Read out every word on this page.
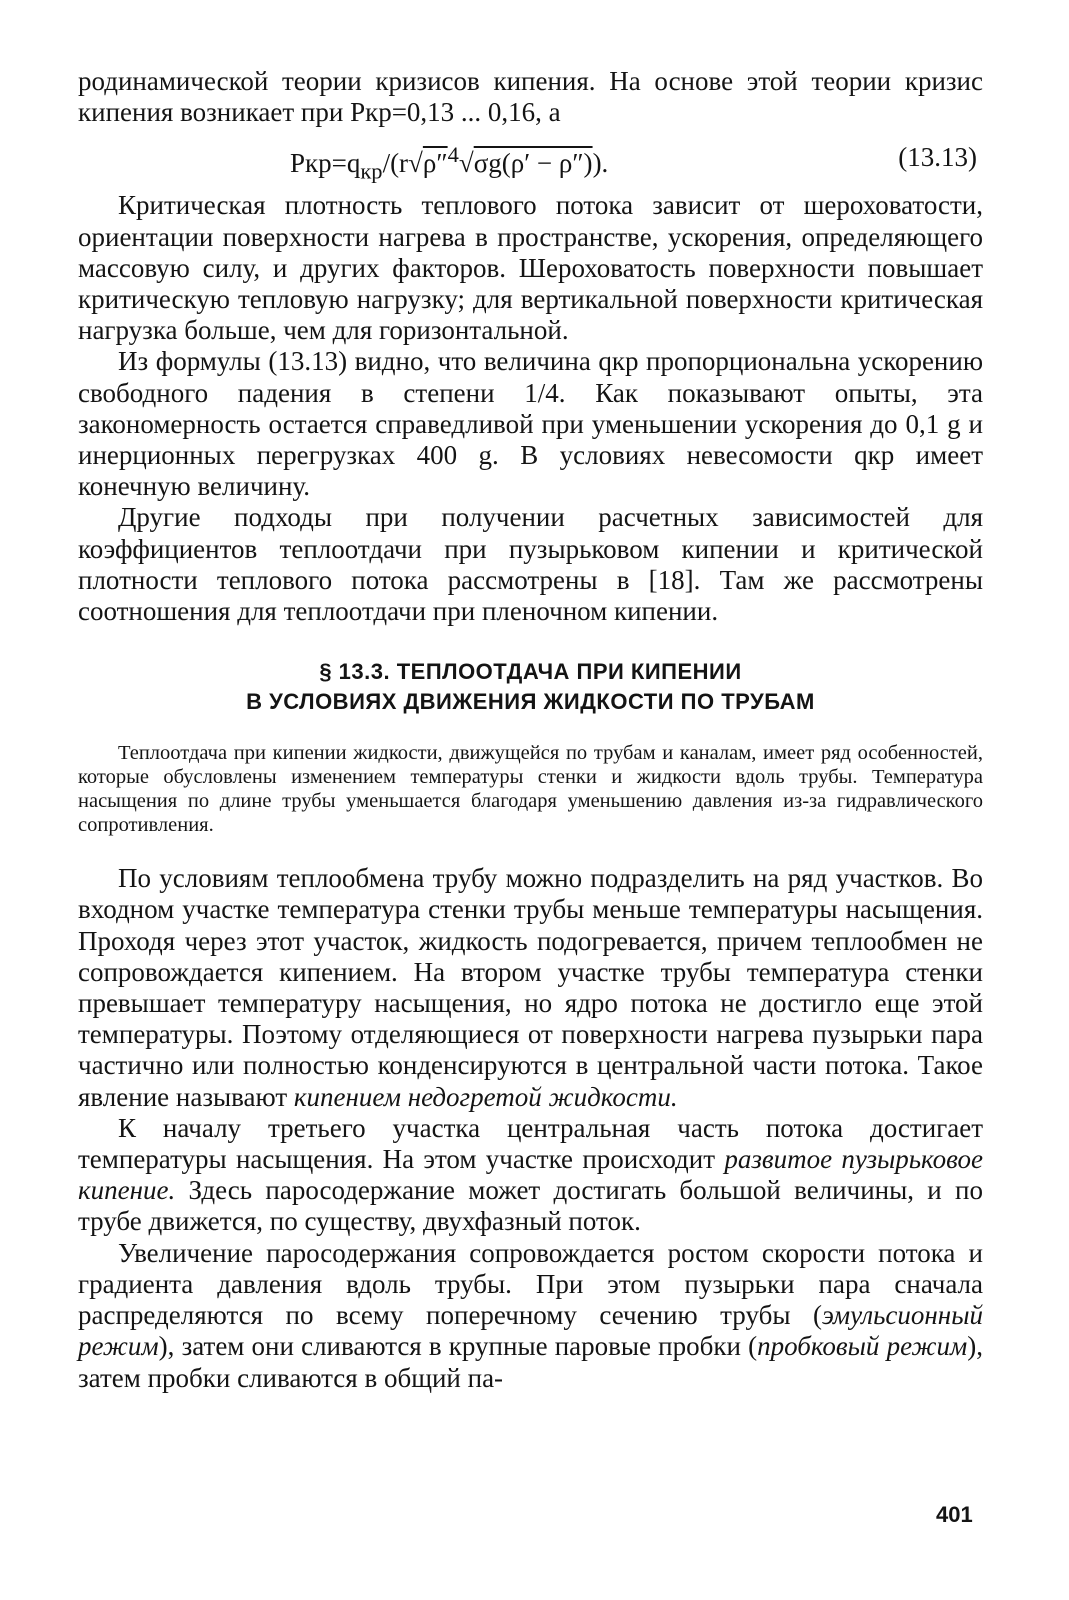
родинамической теории кризисов кипения. На основе этой теории кризис кипения возникает при Ркр=0,13 ... 0,16, а

$Ркр=q_{кр}/(r√\rho''^4√\sigma g(\rho' - \rho''))$.	(13.13)

Критическая плотность теплового потока зависит от шероховатости, ориентации поверхности нагрева в пространстве, ускорения, определяющего массовую силу, и других факторов. Шероховатость поверхности повышает критическую тепловую нагрузку; для вертикальной поверхности критическая нагрузка больше, чем для горизонтальной.

Из формулы (13.13) видно, что величина qкр пропорциональна ускорению свободного падения в степени 1/4. Как показывают опыты, эта закономерность остается справедливой при уменьшении ускорения до 0,1 g и инерционных перегрузках 400 g. В условиях невесомости qкр имеет конечную величину.

Другие подходы при получении расчетных зависимостей для коэффициентов теплоотдачи при пузырьковом кипении и критической плотности теплового потока рассмотрены в [18]. Там же рассмотрены соотношения для теплоотдачи при пленочном кипении.

§ 13.3. ТЕПЛООТДАЧА ПРИ КИПЕНИИ
В УСЛОВИЯХ ДВИЖЕНИЯ ЖИДКОСТИ ПО ТРУБАМ

Теплоотдача при кипении жидкости, движущейся по трубам и каналам, имеет ряд особенностей, которые обусловлены изменением температуры стенки и жидкости вдоль трубы. Температура насыщения по длине трубы уменьшается благодаря уменьшению давления из-за гидравлического сопротивления.

По условиям теплообмена трубу можно подразделить на ряд участков. Во входном участке температура стенки трубы меньше температуры насыщения. Проходя через этот участок, жидкость подогревается, причем теплообмен не сопровождается кипением. На втором участке трубы температура стенки превышает температуру насыщения, но ядро потока не достигло еще этой температуры. Поэтому отделяющиеся от поверхности нагрева пузырьки пара частично или полностью конденсируются в центральной части потока. Такое явление называют кипением недогретой жидкости.

К началу третьего участка центральная часть потока достигает температуры насыщения. На этом участке происходит развитое пузырьковое кипение. Здесь паросодержание может достигать большой величины, и по трубе движется, по существу, двухфазный поток.

Увеличение паросодержания сопровождается ростом скорости потока и градиента давления вдоль трубы. При этом пузырьки пара сначала распределяются по всему поперечному сечению трубы (эмульсионный режим), затем они сливаются в крупные паровые пробки (пробковый режим), затем пробки сливаются в общий па-

401
